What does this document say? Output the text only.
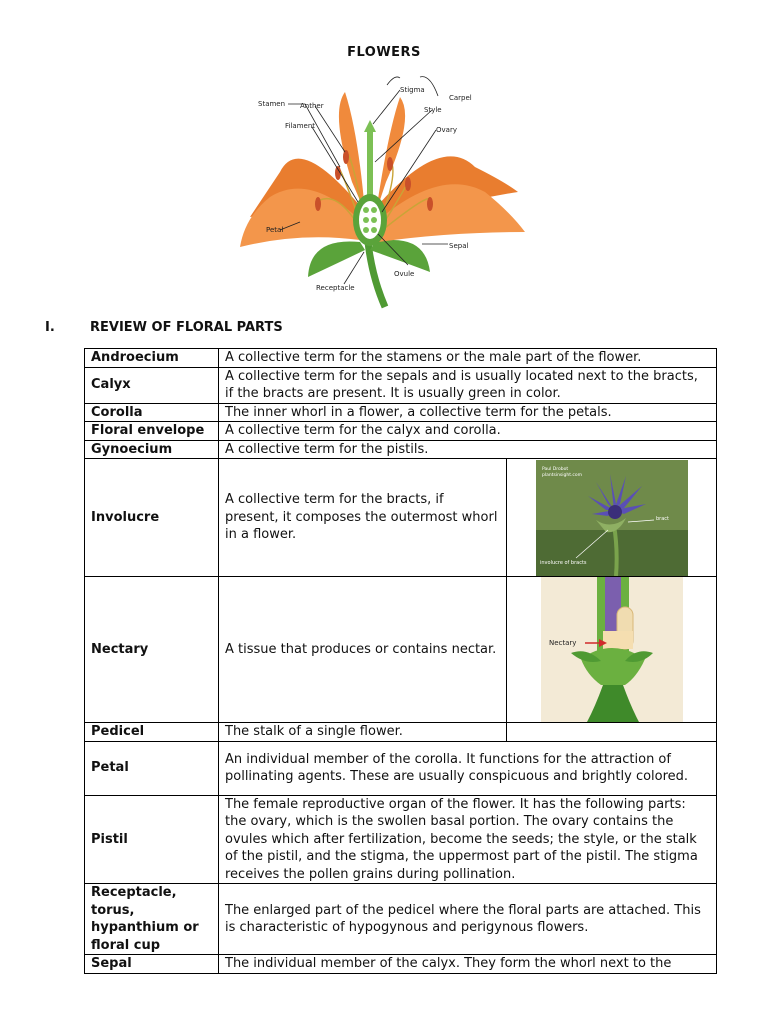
FLOWERS
Stamen Anther
Filament
Stigma
Style
Carpel
Ovary
Petal
Sepal
Ovule
Receptacle
I.	REVIEW OF FLORAL PARTS
Androecium	A collective term for the stamens or the male part of the flower.	
Calyx	A collective term for the sepals and is usually located next to the bracts, if the bracts are present. It is usually green in color.	
Corolla	The inner whorl in a flower, a collective term for the petals.	
Floral envelope	A collective term for the calyx and corolla.	
Gynoecium	A collective term for the pistils.	
Involucre	A collective term for the bracts, if present, it composes the outermost whorl in a flower.	Paul Drobot
plantsinsight.com
bract
involucre of bracts

Nectary	A tissue that produces or contains nectar.	Nectary

Pedicel	The stalk of a single flower.	
Petal	An individual member of the corolla. It functions for the attraction of pollinating agents. These are usually conspicuous and brightly colored.	
Pistil	The female reproductive organ of the flower. It has the following parts: the ovary, which is the swollen basal portion. The ovary contains the ovules which after fertilization, become the seeds; the style, or the stalk of the pistil, and the stigma, the uppermost part of the pistil. The stigma receives the pollen grains during pollination.	
Receptacle, torus, hypanthium or floral cup	The enlarged part of the pedicel where the floral parts are attached. This is characteristic of hypogynous and perigynous flowers.	
Sepal	The individual member of the calyx. They form the whorl next to the	
